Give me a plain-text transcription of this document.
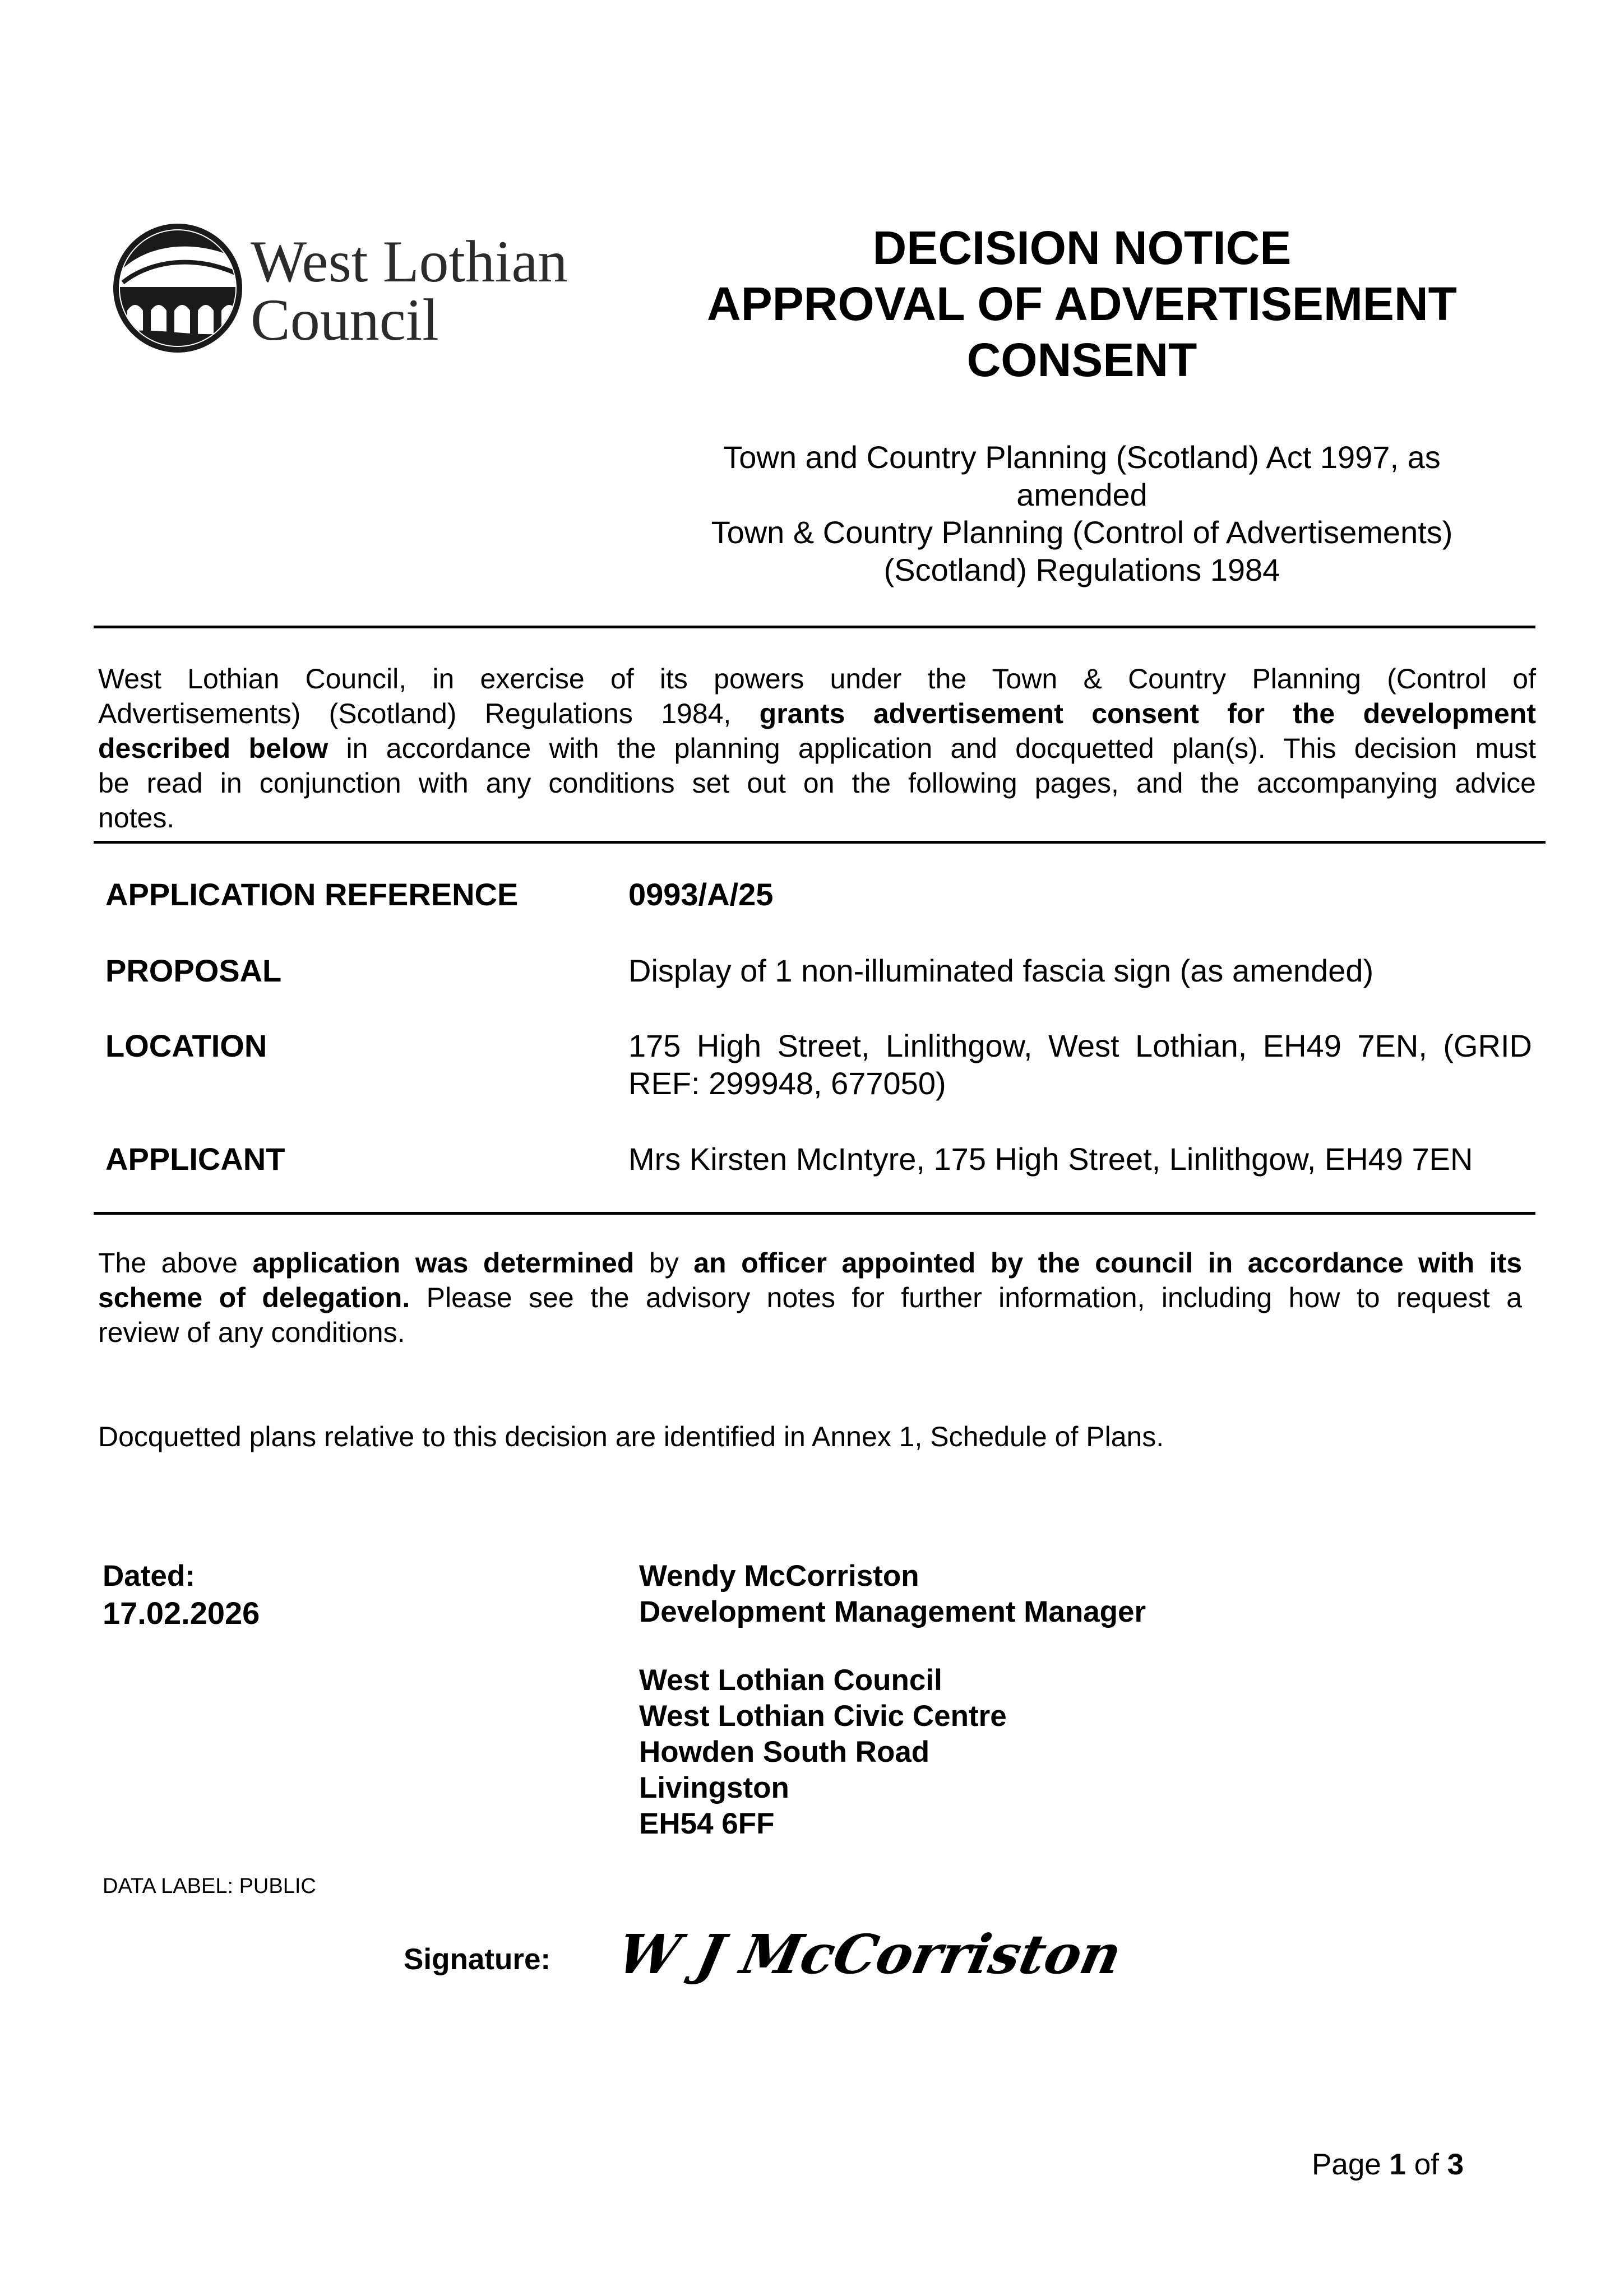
West Lothian
Council
DECISION NOTICE
APPROVAL OF ADVERTISEMENT
CONSENT
Town and Country Planning (Scotland) Act 1997, as
amended
Town & Country Planning (Control of Advertisements)
(Scotland) Regulations 1984
West Lothian Council, in exercise of its powers under the Town & Country Planning (Control of
Advertisements) (Scotland) Regulations 1984, grants advertisement consent for the development
described below in accordance with the planning application and docquetted plan(s). This decision must
be read in conjunction with any conditions set out on the following pages, and the accompanying advice
notes.
APPLICATION REFERENCE	0993/A/25
PROPOSAL	Display of 1 non-illuminated fascia sign (as amended)
LOCATION	175 High Street, Linlithgow, West Lothian, EH49 7EN, (GRID
REF: 299948, 677050)
APPLICANT	Mrs Kirsten McIntyre, 175 High Street, Linlithgow, EH49 7EN
The above application was determined by an officer appointed by the council in accordance with its
scheme of delegation. Please see the advisory notes for further information, including how to request a
review of any conditions.
Docquetted plans relative to this decision are identified in Annex 1, Schedule of Plans.
Dated:
17.02.2026
Wendy McCorriston
Development Management Manager
West Lothian Council
West Lothian Civic Centre
Howden South Road
Livingston
EH54 6FF
DATA LABEL: PUBLIC
Signature: W J McCorriston
Page 1 of 3
